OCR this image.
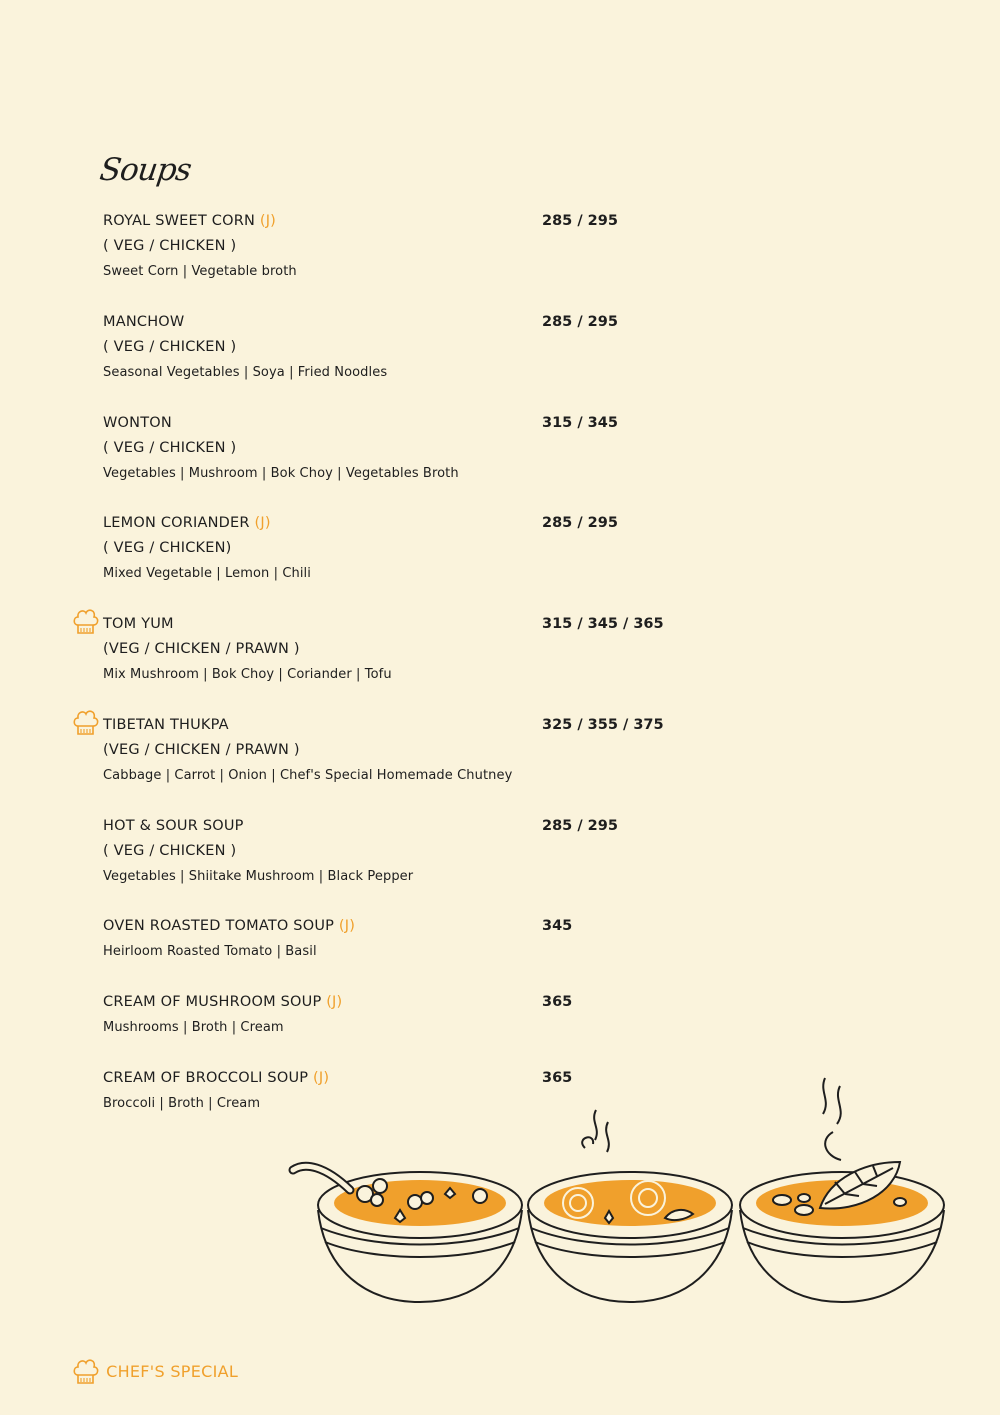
Soups
ROYAL SWEET CORN (J)
( VEG / CHICKEN )
Sweet Corn | Vegetable broth
285 / 295
MANCHOW
( VEG / CHICKEN )
Seasonal Vegetables | Soya | Fried Noodles
285 / 295
WONTON
( VEG / CHICKEN )
Vegetables | Mushroom | Bok Choy | Vegetables Broth
315 / 345
LEMON CORIANDER (J)
( VEG / CHICKEN)
Mixed Vegetable | Lemon | Chili
285 / 295
TOM YUM
(VEG / CHICKEN / PRAWN )
Mix Mushroom | Bok Choy | Coriander | Tofu
315 / 345 / 365
TIBETAN THUKPA
(VEG / CHICKEN / PRAWN )
Cabbage | Carrot | Onion | Chef's Special Homemade Chutney
325 / 355 / 375
HOT & SOUR SOUP
( VEG / CHICKEN )
Vegetables | Shiitake Mushroom | Black Pepper
285 / 295
OVEN ROASTED TOMATO SOUP (J)
Heirloom Roasted Tomato | Basil
345
CREAM OF MUSHROOM SOUP (J)
Mushrooms | Broth | Cream
365
CREAM OF BROCCOLI SOUP (J)
Broccoli | Broth | Cream
365
CHEF'S SPECIAL
